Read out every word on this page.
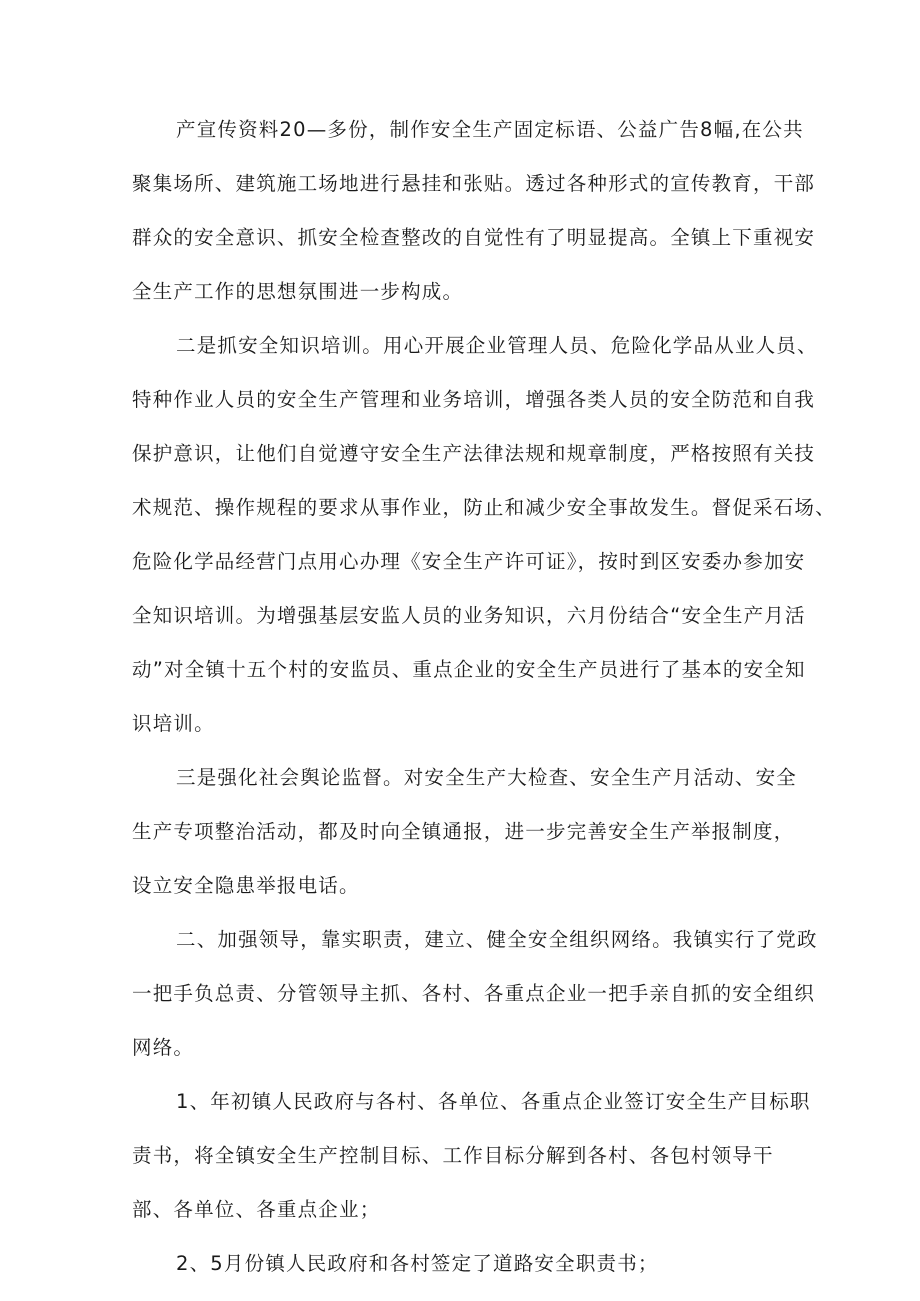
产宣传资料20—多份，制作安全生产固定标语、公益广告8幅,在公共
聚集场所、建筑施工场地进行悬挂和张贴。透过各种形式的宣传教育，干部
群众的安全意识、抓安全检查整改的自觉性有了明显提高。全镇上下重视安
全生产工作的思想氛围进一步构成。
二是抓安全知识培训。用心开展企业管理人员、危险化学品从业人员、
特种作业人员的安全生产管理和业务培训，增强各类人员的安全防范和自我
保护意识，让他们自觉遵守安全生产法律法规和规章制度，严格按照有关技
术规范、操作规程的要求从事作业，防止和减少安全事故发生。督促采石场、
危险化学品经营门点用心办理《安全生产许可证》，按时到区安委办参加安
全知识培训。为增强基层安监人员的业务知识，六月份结合“安全生产月活
动”对全镇十五个村的安监员、重点企业的安全生产员进行了基本的安全知
识培训。
三是强化社会舆论监督。对安全生产大检查、安全生产月活动、安全
生产专项整治活动，都及时向全镇通报，进一步完善安全生产举报制度，
设立安全隐患举报电话。
二、加强领导，靠实职责，建立、健全安全组织网络。我镇实行了党政
一把手负总责、分管领导主抓、各村、各重点企业一把手亲自抓的安全组织
网络。
1、年初镇人民政府与各村、各单位、各重点企业签订安全生产目标职
责书，将全镇安全生产控制目标、工作目标分解到各村、各包村领导干
部、各单位、各重点企业；
2、5月份镇人民政府和各村签定了道路安全职责书；
